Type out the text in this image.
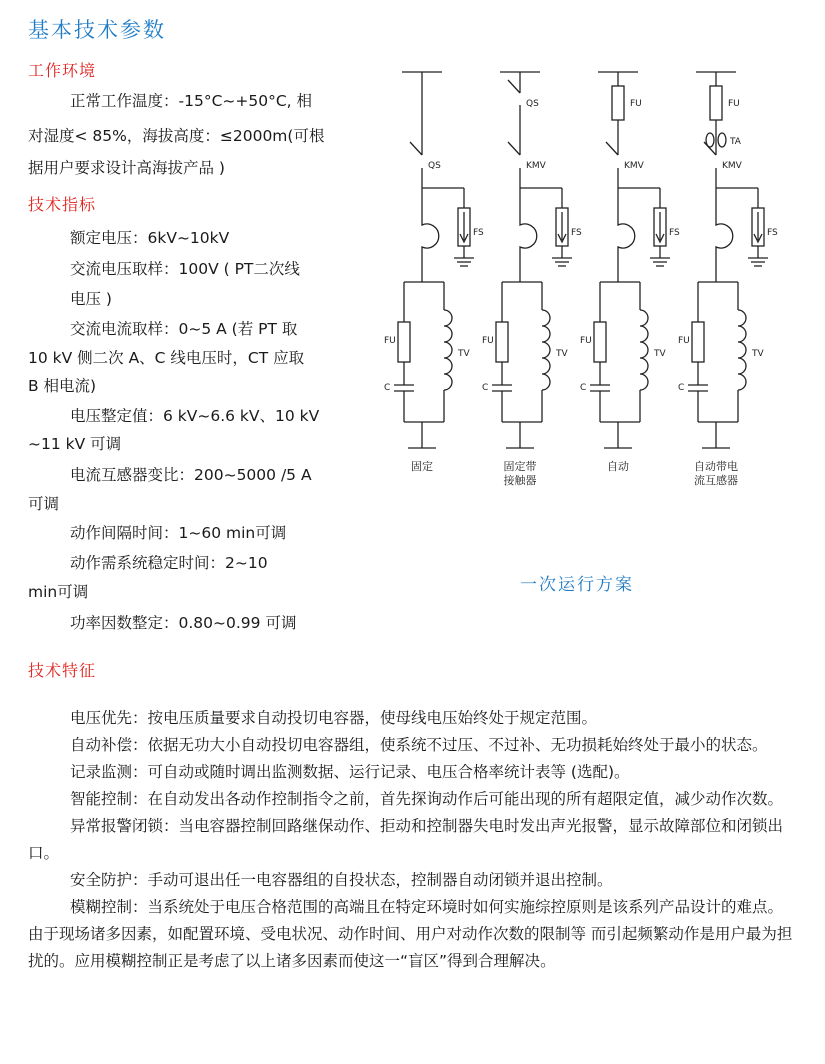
基本技术参数
工作环境
正常工作温度：-15°C~+50°C, 相
对湿度< 85%，海拔高度：≤2000m(可根
据用户要求设计高海拔产品 )
技术指标
额定电压：6kV~10kV
交流电压取样：100V ( PT二次线
电压 )
交流电流取样：0~5 A (若 PT 取
10 kV 侧二次 A、C 线电压时，CT 应取
B 相电流)
电压整定值：6 kV~6.6 kV、10 kV
~11 kV 可调
电流互感器变比：200~5000 /5 A
可调
动作间隔时间：1~60 min可调
动作需系统稳定时间：2~10
min可调
功率因数整定：0.80~0.99 可调
QS
FS
FU
TV
C
QS
KMV
FS
FU
TV
C
FU
KMV
FS
FU
TV
C
FU
TA
KMV
FS
FU
TV
C
固定	固定带
接触器
自动	自动带电
流互感器
一次运行方案
技术特征

电压优先：按电压质量要求自动投切电容器，使母线电压始终处于规定范围。

自动补偿：依据无功大小自动投切电容器组，使系统不过压、不过补、无功损耗始终处于最小的状态。

记录监测：可自动或随时调出监测数据、运行记录、电压合格率统计表等 (选配)。

智能控制：在自动发出各动作控制指令之前，首先探询动作后可能出现的所有超限定值，减少动作次数。

异常报警闭锁：当电容器控制回路继保动作、拒动和控制器失电时发出声光报警，显示故障部位和闭锁出口。

安全防护：手动可退出任一电容器组的自投状态，控制器自动闭锁并退出控制。

模糊控制：当系统处于电压合格范围的高端且在特定环境时如何实施综控原则是该系列产品设计的难点。由于现场诸多因素，如配置环境、受电状况、动作时间、用户对动作次数的限制等 而引起频繁动作是用户最为担扰的。应用模糊控制正是考虑了以上诸多因素而使这一“盲区”得到合理解决。
